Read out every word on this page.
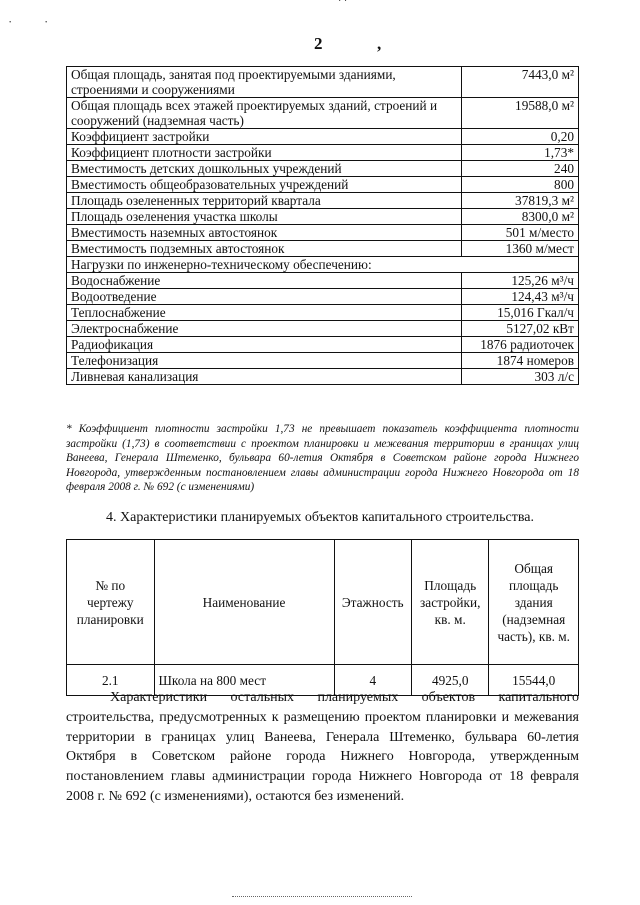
· ·
· ·
2	,
Общая площадь, занятая под проектируемыми зданиями, строениями и сооружениями	7443,0 м²
Общая площадь всех этажей проектируемых зданий, строений и сооружений (надземная часть)	19588,0 м²
Коэффициент застройки	0,20
Коэффициент плотности застройки	1,73*
Вместимость детских дошкольных учреждений	240
Вместимость общеобразовательных учреждений	800
Площадь озелененных территорий квартала	37819,3 м²
Площадь озеленения участка школы	8300,0 м²
Вместимость наземных автостоянок	501 м/место
Вместимость подземных автостоянок	1360 м/мест
Нагрузки по инженерно-техническому обеспечению:	
Водоснабжение	125,26 м³/ч
Водоотведение	124,43 м³/ч
Теплоснабжение	15,016 Гкал/ч
Электроснабжение	5127,02 кВт
Радиофикация	1876 радиоточек
Телефонизация	1874 номеров
Ливневая канализация	303 л/с
* Коэффициент плотности застройки 1,73 не превышает показатель коэффициента плотности застройки (1,73) в соответствии с проектом планировки и межевания территории в границах улиц Ванеева, Генерала Штеменко, бульвара 60-летия Октября в Советском районе города Нижнего Новгорода, утвержденным постановлением главы администрации города Нижнего Новгорода от 18 февраля 2008 г. № 692 (с изменениями)
4. Характеристики планируемых объектов капитального строительства.
№ по чертежу планировки	Наименование	Этажность	Площадь застройки, кв. м.	Общая площадь здания (надземная часть), кв. м.
2.1	Школа на 800 мест	4	4925,0	15544,0
Характеристики остальных планируемых объектов капитального строительства, предусмотренных к размещению проектом планировки и межевания территории в границах улиц Ванеева, Генерала Штеменко, бульвара 60-летия Октября в Советском районе города Нижнего Новгорода, утвержденным постановлением главы администрации города Нижнего Новгорода от 18 февраля 2008 г. № 692 (с изменениями), остаются без изменений.
